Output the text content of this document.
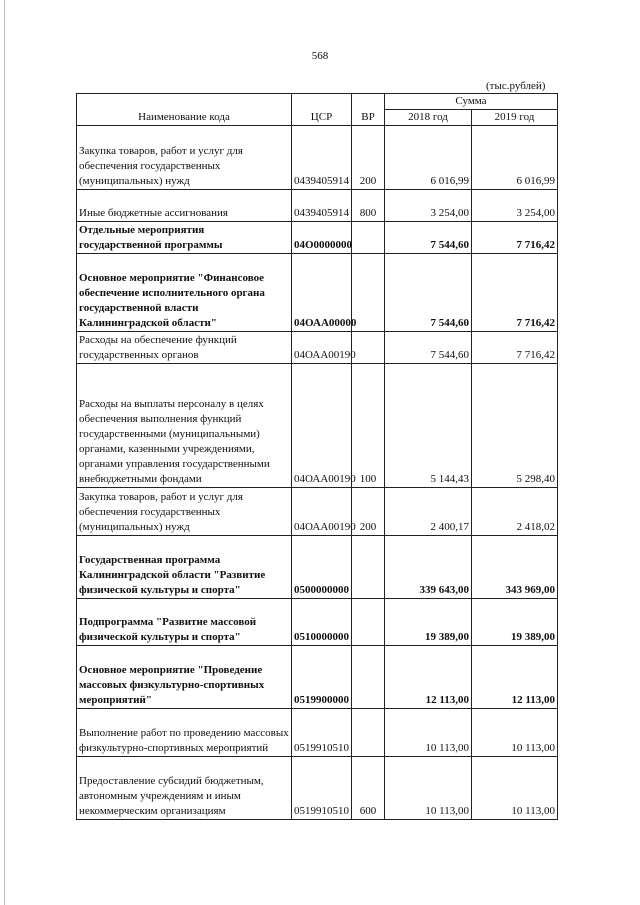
568
(тыс.рублей)
Наименование кода	ЦСР	ВР	Сумма	
			2018 год	2019 год
Закупка товаров, работ и услуг для обеспечения государственных (муниципальных) нужд	0439405914	200	6 016,99	6 016,99
Иные бюджетные ассигнования	0439405914	800	3 254,00	3 254,00
Отдельные мероприятия государственной программы	04О0000000		7 544,60	7 716,42
Основное мероприятие "Финансовое обеспечение исполнительного органа государственной власти Калининградской области"	04ОАА00000		7 544,60	7 716,42
Расходы на обеспечение функций государственных органов	04ОАА00190		7 544,60	7 716,42
Расходы на выплаты персоналу в целях обеспечения выполнения функций государственными (муниципальными) органами, казенными учреждениями, органами управления государственными внебюджетными фондами	04ОАА00190	100	5 144,43	5 298,40
Закупка товаров, работ и услуг для обеспечения государственных (муниципальных) нужд	04ОАА00190	200	2 400,17	2 418,02
Государственная программа Калининградской области "Развитие физической культуры и спорта"	0500000000		339 643,00	343 969,00
Подпрограмма "Развитие массовой физической культуры и спорта"	0510000000		19 389,00	19 389,00
Основное мероприятие "Проведение массовых физкультурно-спортивных мероприятий"	0519900000		12 113,00	12 113,00
Выполнение работ по проведению массовых физкультурно-спортивных мероприятий	0519910510		10 113,00	10 113,00
Предоставление субсидий бюджетным, автономным учреждениям и иным некоммерческим организациям	0519910510	600	10 113,00	10 113,00
